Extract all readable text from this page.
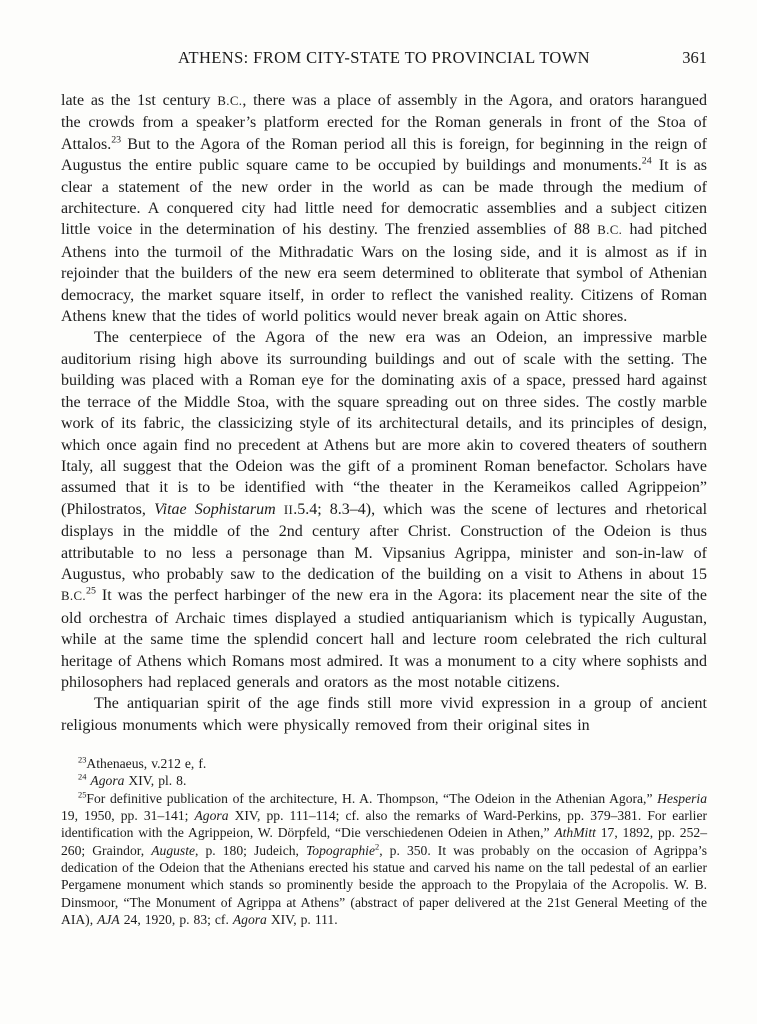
ATHENS: FROM CITY-STATE TO PROVINCIAL TOWN	361

late as the 1st century B.C., there was a place of assembly in the Agora, and orators harangued the crowds from a speaker’s platform erected for the Roman generals in front of the Stoa of Attalos.$^{23}$ But to the Agora of the Roman period all this is foreign, for beginning in the reign of Augustus the entire public square came to be occupied by buildings and monuments.$^{24}$ It is as clear a statement of the new order in the world as can be made through the medium of architecture. A conquered city had little need for democratic assemblies and a subject citizen little voice in the determination of his destiny. The frenzied assemblies of 88 B.C. had pitched Athens into the turmoil of the Mithradatic Wars on the losing side, and it is almost as if in rejoinder that the builders of the new era seem determined to obliterate that symbol of Athenian democracy, the market square itself, in order to reflect the vanished reality. Citizens of Roman Athens knew that the tides of world politics would never break again on Attic shores.

The centerpiece of the Agora of the new era was an Odeion, an impressive marble auditorium rising high above its surrounding buildings and out of scale with the setting. The building was placed with a Roman eye for the dominating axis of a space, pressed hard against the terrace of the Middle Stoa, with the square spreading out on three sides. The costly marble work of its fabric, the classicizing style of its architectural details, and its principles of design, which once again find no precedent at Athens but are more akin to covered theaters of southern Italy, all suggest that the Odeion was the gift of a prominent Roman benefactor. Scholars have assumed that it is to be identified with “the theater in the Kerameikos called Agrippeion” (Philostratos, Vitae Sophistarum II.5.4; 8.3–4), which was the scene of lectures and rhetorical displays in the middle of the 2nd century after Christ. Construction of the Odeion is thus attributable to no less a personage than M. Vipsanius Agrippa, minister and son-in-law of Augustus, who probably saw to the dedication of the building on a visit to Athens in about 15 B.C.$^{25}$ It was the perfect harbinger of the new era in the Agora: its placement near the site of the old orchestra of Archaic times displayed a studied antiquarianism which is typically Augustan, while at the same time the splendid concert hall and lecture room celebrated the rich cultural heritage of Athens which Romans most admired. It was a monument to a city where sophists and philosophers had replaced generals and orators as the most notable citizens.

The antiquarian spirit of the age finds still more vivid expression in a group of ancient religious monuments which were physically removed from their original sites in

$^{23}$Athenaeus, v.212 e, f.

$^{24}$ Agora XIV, pl. 8.

$^{25}$For definitive publication of the architecture, H. A. Thompson, “The Odeion in the Athenian Agora,” Hesperia 19, 1950, pp. 31–141; Agora XIV, pp. 111–114; cf. also the remarks of Ward-Perkins, pp. 379–381. For earlier identification with the Agrippeion, W. Dörpfeld, “Die verschiedenen Odeien in Athen,” AthMitt 17, 1892, pp. 252–260; Graindor, Auguste, p. 180; Judeich, Topographie$^2$, p. 350. It was probably on the occasion of Agrippa’s dedication of the Odeion that the Athenians erected his statue and carved his name on the tall pedestal of an earlier Pergamene monument which stands so prominently beside the approach to the Propylaia of the Acropolis. W. B. Dinsmoor, “The Monument of Agrippa at Athens” (abstract of paper delivered at the 21st General Meeting of the AIA), AJA 24, 1920, p. 83; cf. Agora XIV, p. 111.
